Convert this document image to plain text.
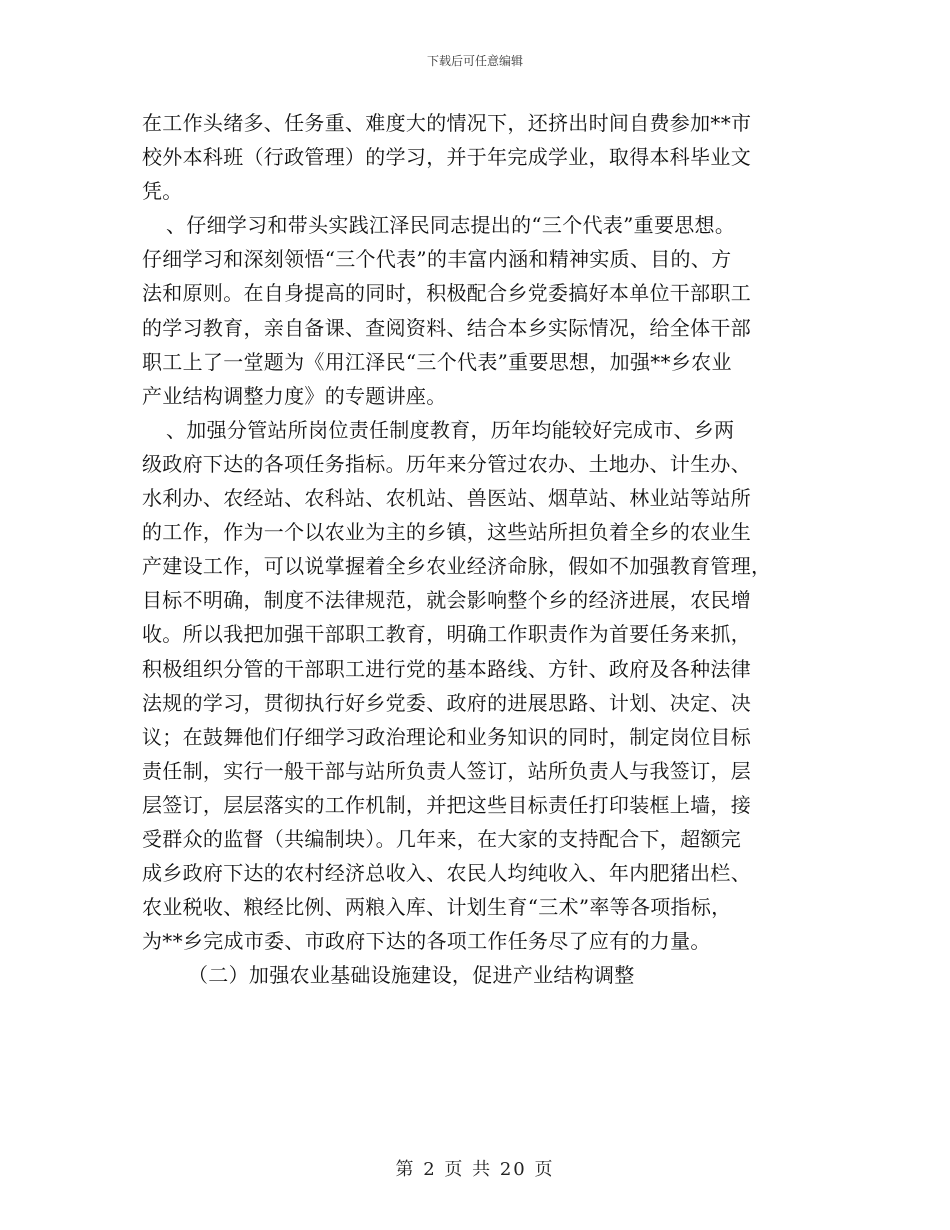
下载后可任意编辑
在工作头绪多、任务重、难度大的情况下，还挤出时间自费参加**市
校外本科班（行政管理）的学习，并于年完成学业，取得本科毕业文
凭。
、仔细学习和带头实践江泽民同志提出的“三个代表”重要思想。
仔细学习和深刻领悟“三个代表”的丰富内涵和精神实质、目的、方
法和原则。在自身提高的同时，积极配合乡党委搞好本单位干部职工
的学习教育，亲自备课、查阅资料、结合本乡实际情况，给全体干部
职工上了一堂题为《用江泽民“三个代表”重要思想，加强**乡农业
产业结构调整力度》的专题讲座。
、加强分管站所岗位责任制度教育，历年均能较好完成市、乡两
级政府下达的各项任务指标。历年来分管过农办、土地办、计生办、
水利办、农经站、农科站、农机站、兽医站、烟草站、林业站等站所
的工作，作为一个以农业为主的乡镇，这些站所担负着全乡的农业生
产建设工作，可以说掌握着全乡农业经济命脉，假如不加强教育管理，
目标不明确，制度不法律规范，就会影响整个乡的经济进展，农民增
收。所以我把加强干部职工教育，明确工作职责作为首要任务来抓，
积极组织分管的干部职工进行党的基本路线、方针、政府及各种法律
法规的学习，贯彻执行好乡党委、政府的进展思路、计划、决定、决
议；在鼓舞他们仔细学习政治理论和业务知识的同时，制定岗位目标
责任制，实行一般干部与站所负责人签订，站所负责人与我签订，层
层签订，层层落实的工作机制，并把这些目标责任打印装框上墙，接
受群众的监督（共编制块）。几年来，在大家的支持配合下，超额完
成乡政府下达的农村经济总收入、农民人均纯收入、年内肥猪出栏、
农业税收、粮经比例、两粮入库、计划生育“三术”率等各项指标，
为**乡完成市委、市政府下达的各项工作任务尽了应有的力量。
（二）加强农业基础设施建设，促进产业结构调整
第 2 页 共 20 页
